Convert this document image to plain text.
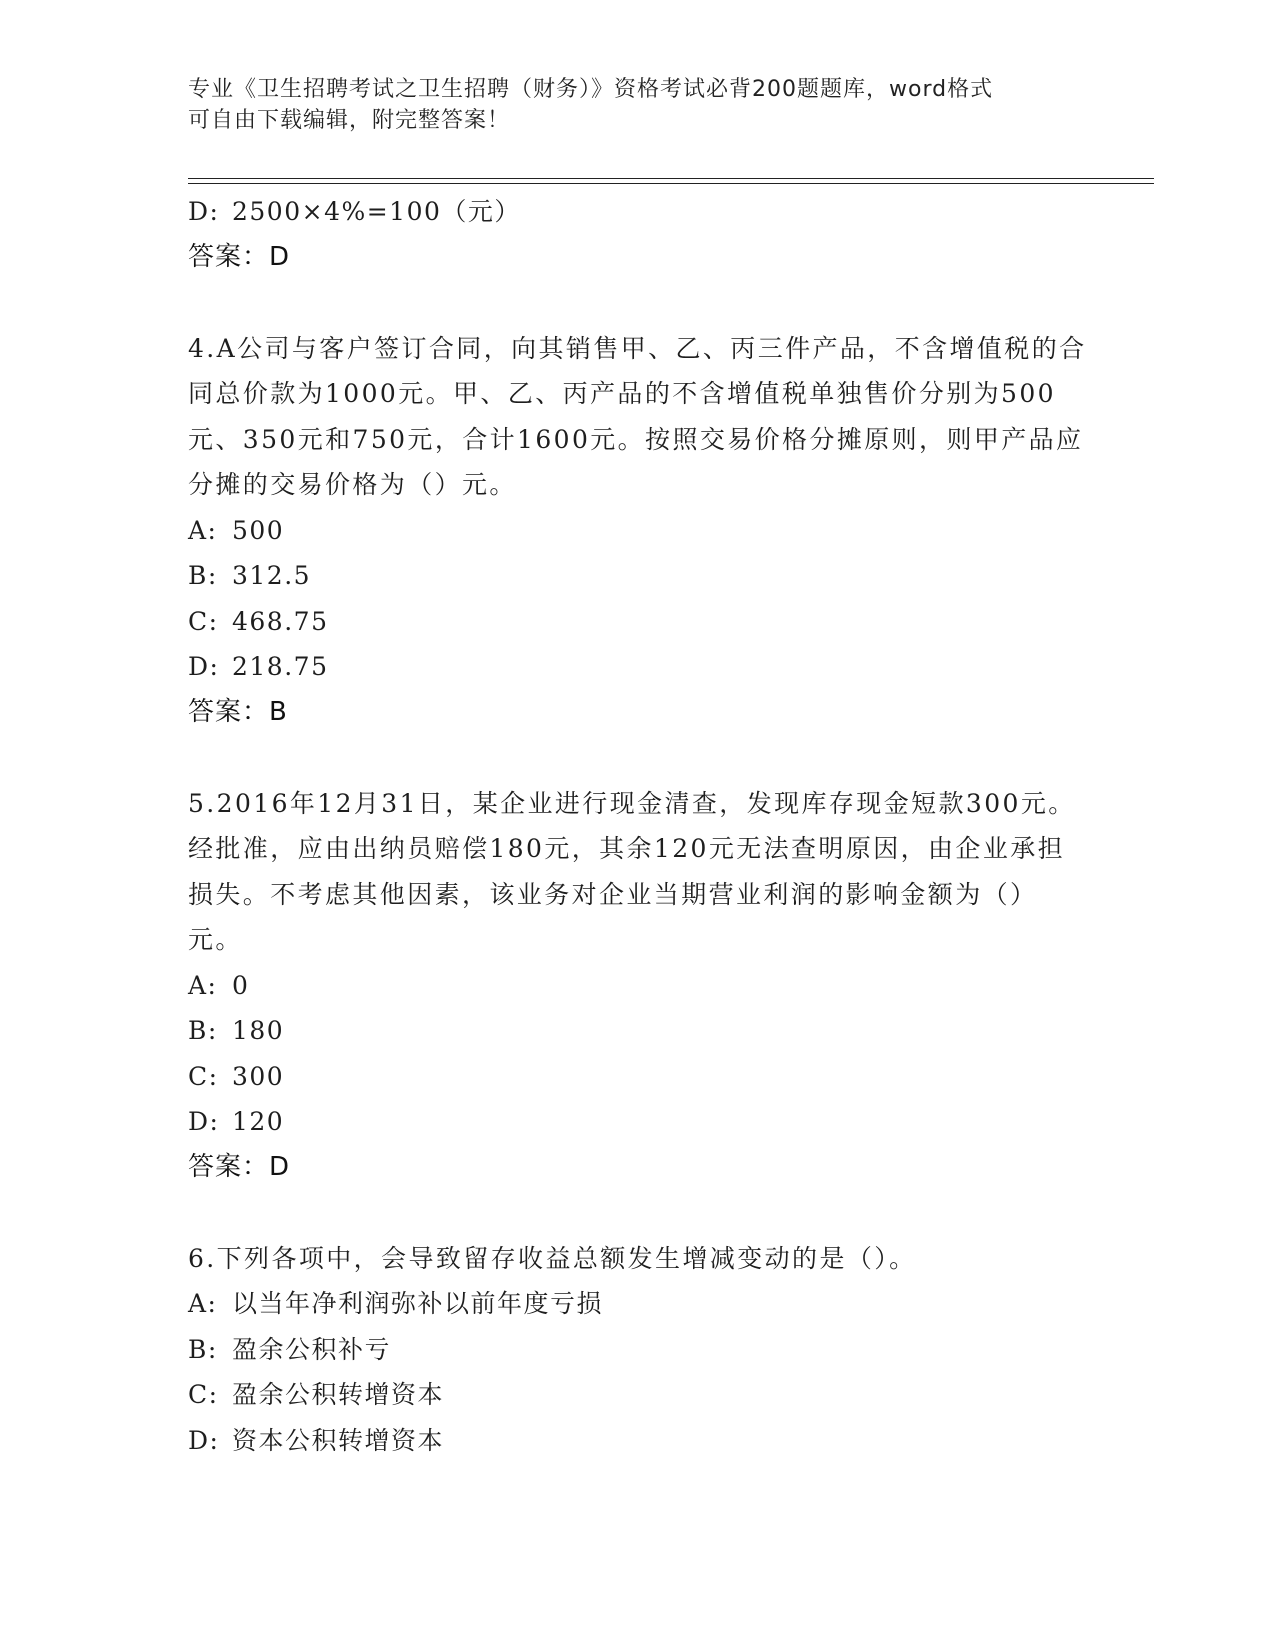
专业《卫生招聘考试之卫生招聘（财务）》资格考试必背200题题库，word格式
可自由下载编辑，附完整答案！
D: 2500×4%=100（元）
答案：D
4.A公司与客户签订合同，向其销售甲、乙、丙三件产品，不含增值税的合同总价款为1000元。甲、乙、丙产品的不含增值税单独售价分别为500元、350元和750元，合计1600元。按照交易价格分摊原则，则甲产品应分摊的交易价格为（）元。
A: 500
B: 312.5
C: 468.75
D: 218.75
答案：B
5.2016年12月31日，某企业进行现金清查，发现库存现金短款300元。经批准，应由出纳员赔偿180元，其余120元无法查明原因，由企业承担损失。不考虑其他因素，该业务对企业当期营业利润的影响金额为（）元。
A: 0
B: 180
C: 300
D: 120
答案：D
6.下列各项中，会导致留存收益总额发生增减变动的是（）。
A: 以当年净利润弥补以前年度亏损
B: 盈余公积补亏
C: 盈余公积转增资本
D: 资本公积转增资本
